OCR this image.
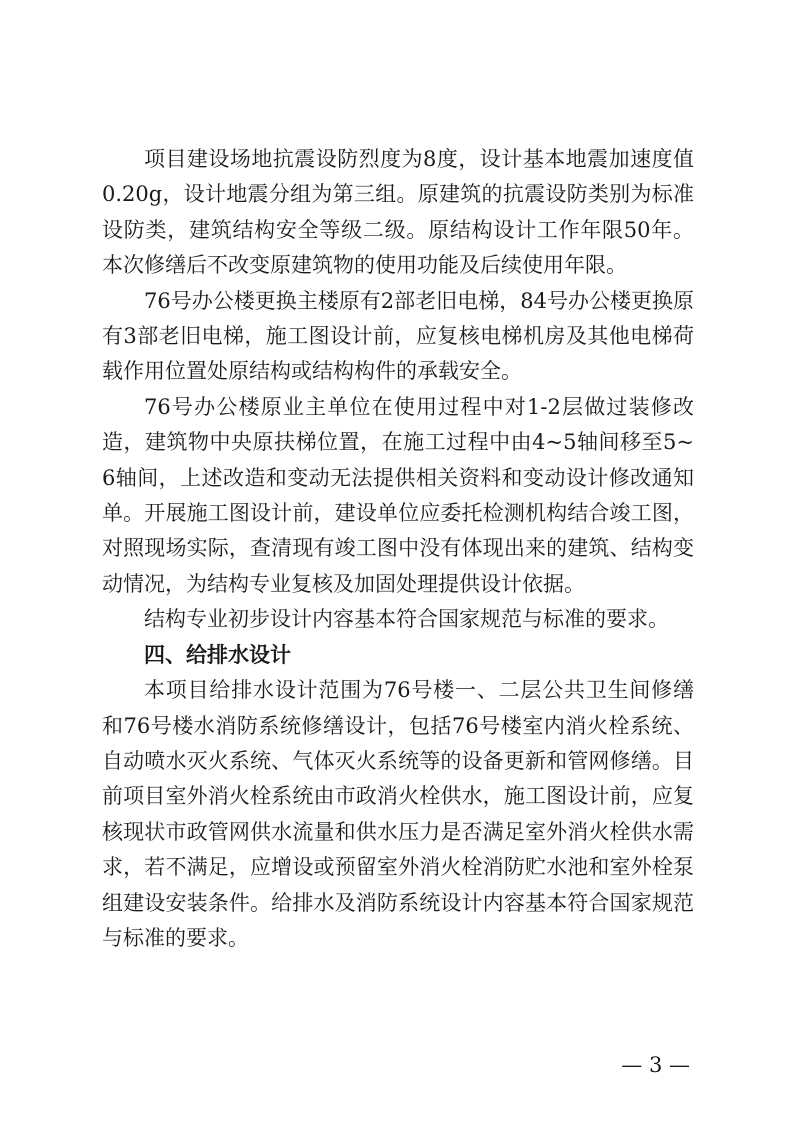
项目建设场地抗震设防烈度为8度，设计基本地震加速度值0.20g，设计地震分组为第三组。原建筑的抗震设防类别为标准设防类，建筑结构安全等级二级。原结构设计工作年限50年。本次修缮后不改变原建筑物的使用功能及后续使用年限。

76号办公楼更换主楼原有2部老旧电梯，84号办公楼更换原有3部老旧电梯，施工图设计前，应复核电梯机房及其他电梯荷载作用位置处原结构或结构构件的承载安全。

76号办公楼原业主单位在使用过程中对1-2层做过装修改造，建筑物中央原扶梯位置，在施工过程中由4~5轴间移至5~6轴间，上述改造和变动无法提供相关资料和变动设计修改通知单。开展施工图设计前，建设单位应委托检测机构结合竣工图，对照现场实际，查清现有竣工图中没有体现出来的建筑、结构变动情况，为结构专业复核及加固处理提供设计依据。

结构专业初步设计内容基本符合国家规范与标准的要求。

四、给排水设计

本项目给排水设计范围为76号楼一、二层公共卫生间修缮和76号楼水消防系统修缮设计，包括76号楼室内消火栓系统、自动喷水灭火系统、气体灭火系统等的设备更新和管网修缮。目前项目室外消火栓系统由市政消火栓供水，施工图设计前，应复核现状市政管网供水流量和供水压力是否满足室外消火栓供水需求，若不满足，应增设或预留室外消火栓消防贮水池和室外栓泵组建设安装条件。给排水及消防系统设计内容基本符合国家规范与标准的要求。

— 3 —
